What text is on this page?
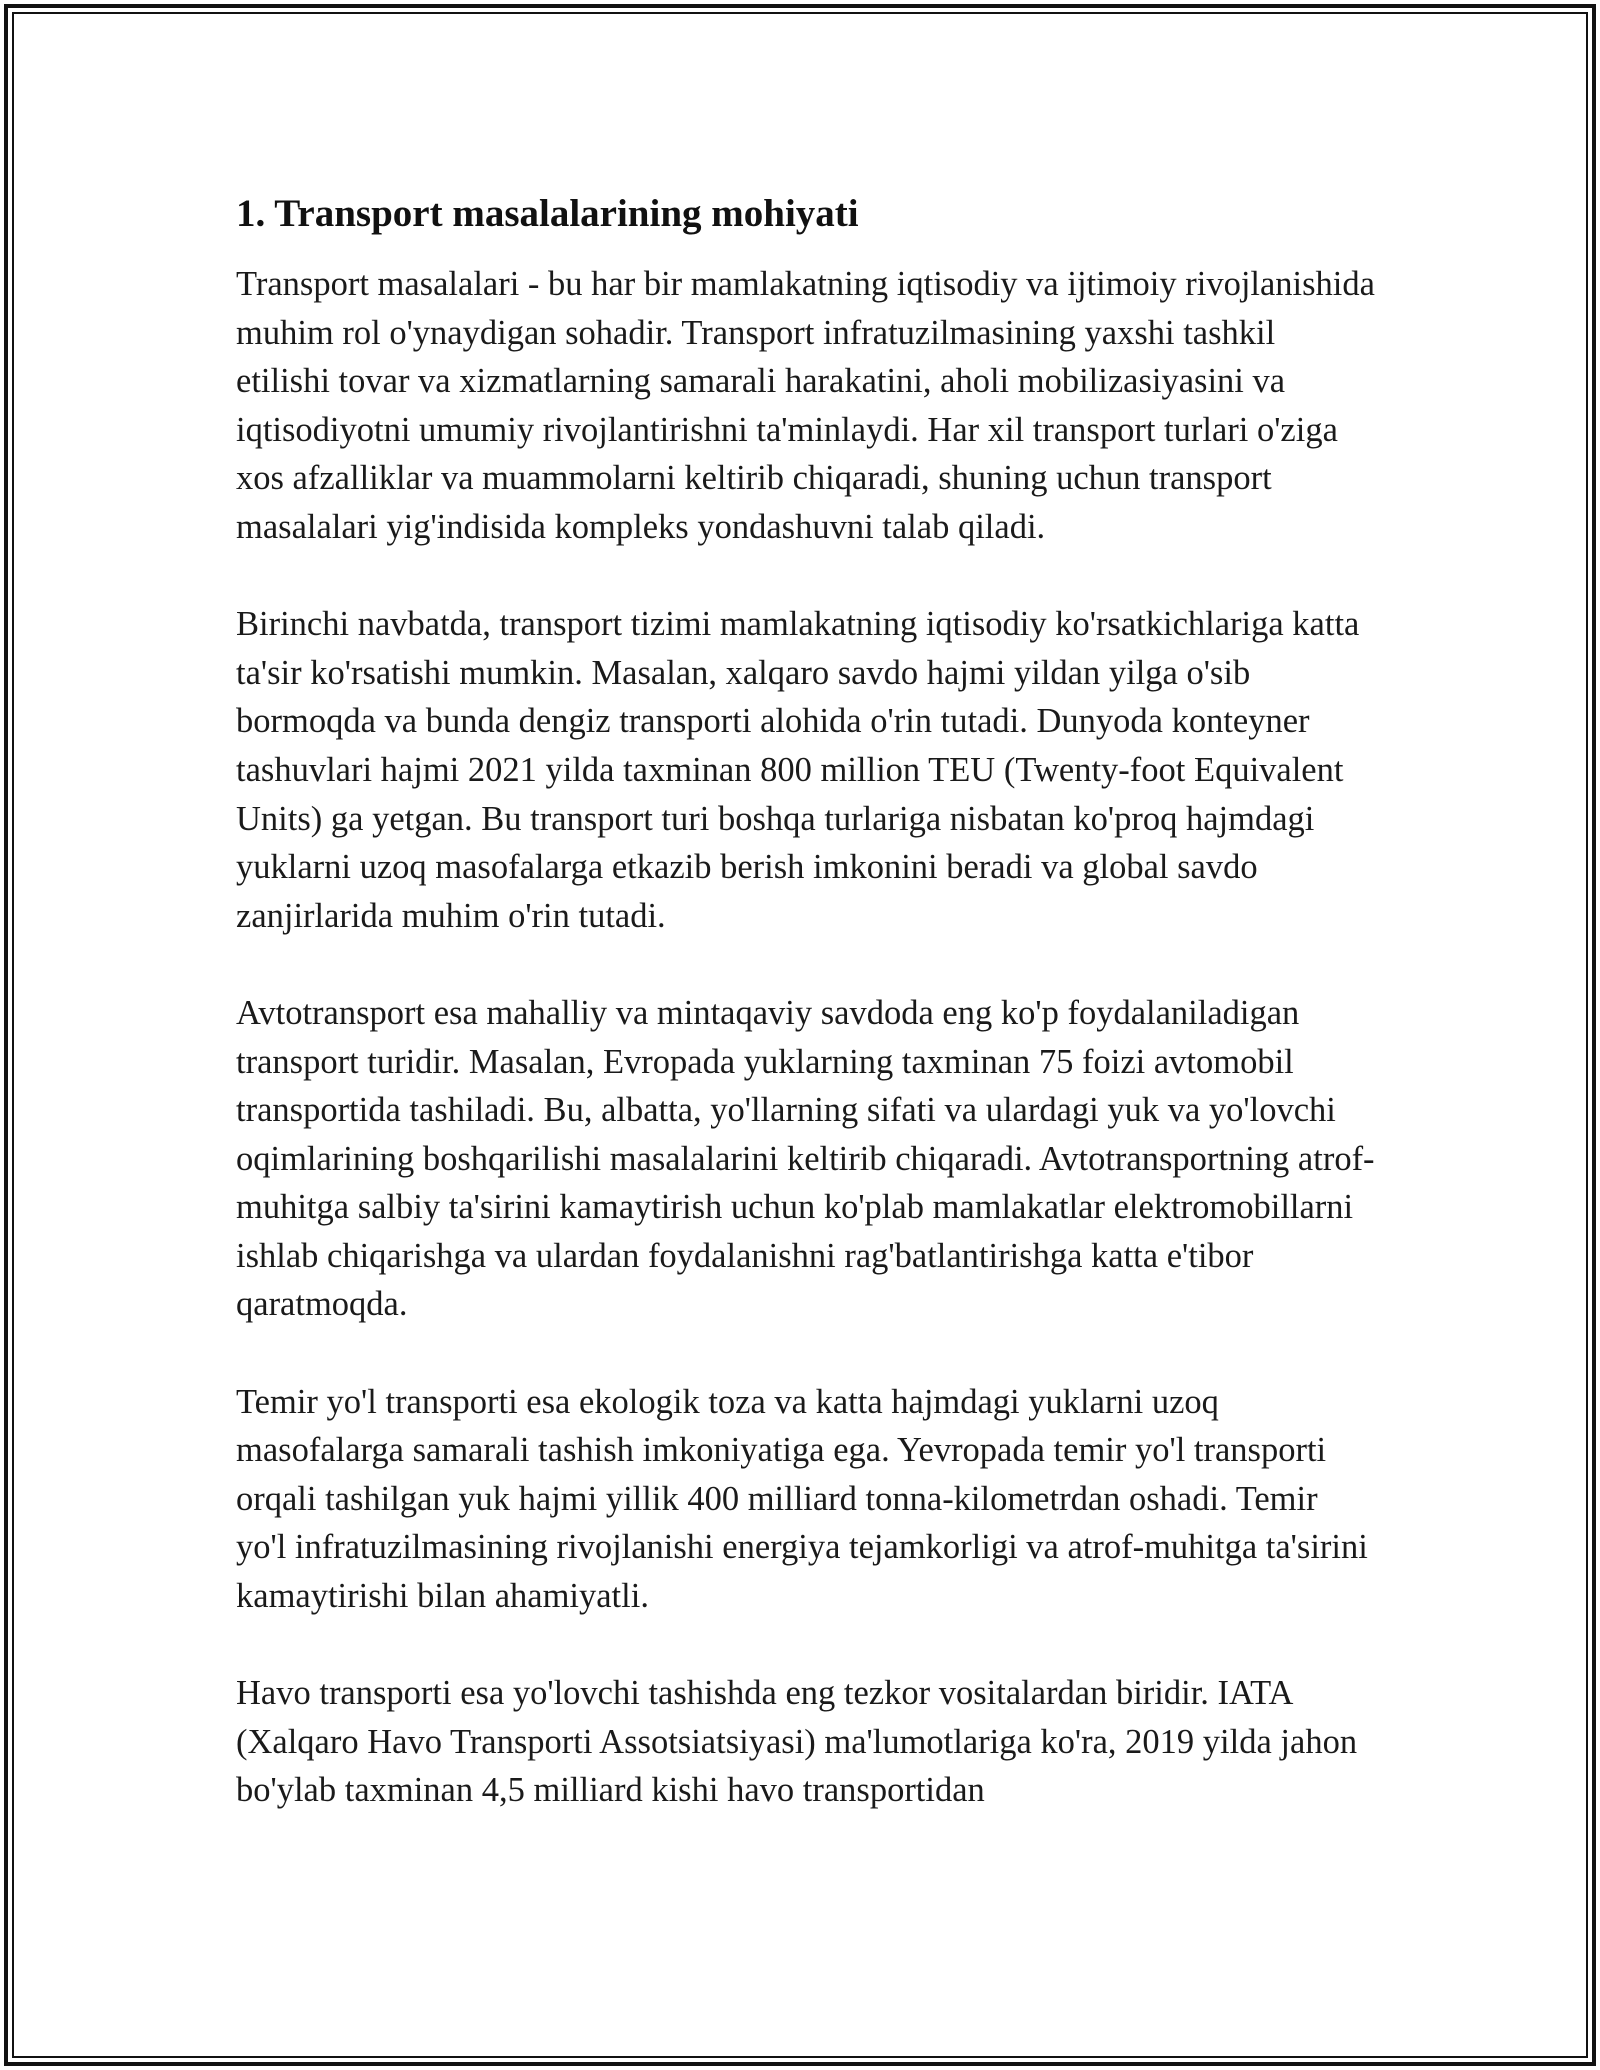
1. Transport masalalarining mohiyati

Transport masalalari - bu har bir mamlakatning iqtisodiy va ijtimoiy rivojlanishida muhim rol o'ynaydigan sohadir. Transport infratuzilmasining yaxshi tashkil etilishi tovar va xizmatlarning samarali harakatini, aholi mobilizasiyasini va iqtisodiyotni umumiy rivojlantirishni ta'minlaydi. Har xil transport turlari o'ziga xos afzalliklar va muammolarni keltirib chiqaradi, shuning uchun transport masalalari yig'indisida kompleks yondashuvni talab qiladi.

Birinchi navbatda, transport tizimi mamlakatning iqtisodiy ko'rsatkichlariga katta ta'sir ko'rsatishi mumkin. Masalan, xalqaro savdo hajmi yildan yilga o'sib bormoqda va bunda dengiz transporti alohida o'rin tutadi. Dunyoda konteyner tashuvlari hajmi 2021 yilda taxminan 800 million TEU (Twenty-foot Equivalent Units) ga yetgan. Bu transport turi boshqa turlariga nisbatan ko'proq hajmdagi yuklarni uzoq masofalarga etkazib berish imkonini beradi va global savdo zanjirlarida muhim o'rin tutadi.

Avtotransport esa mahalliy va mintaqaviy savdoda eng ko'p foydalaniladigan transport turidir. Masalan, Evropada yuklarning taxminan 75 foizi avtomobil transportida tashiladi. Bu, albatta, yo'llarning sifati va ulardagi yuk va yo'lovchi oqimlarining boshqarilishi masalalarini keltirib chiqaradi. Avtotransportning atrof-muhitga salbiy ta'sirini kamaytirish uchun ko'plab mamlakatlar elektromobillarni ishlab chiqarishga va ulardan foydalanishni rag'batlantirishga katta e'tibor qaratmoqda.

Temir yo'l transporti esa ekologik toza va katta hajmdagi yuklarni uzoq masofalarga samarali tashish imkoniyatiga ega. Yevropada temir yo'l transporti orqali tashilgan yuk hajmi yillik 400 milliard tonna-kilometrdan oshadi. Temir yo'l infratuzilmasining rivojlanishi energiya tejamkorligi va atrof-muhitga ta'sirini kamaytirishi bilan ahamiyatli.

Havo transporti esa yo'lovchi tashishda eng tezkor vositalardan biridir. IATA (Xalqaro Havo Transporti Assotsiatsiyasi) ma'lumotlariga ko'ra, 2019 yilda jahon bo'ylab taxminan 4,5 milliard kishi havo transportidan
